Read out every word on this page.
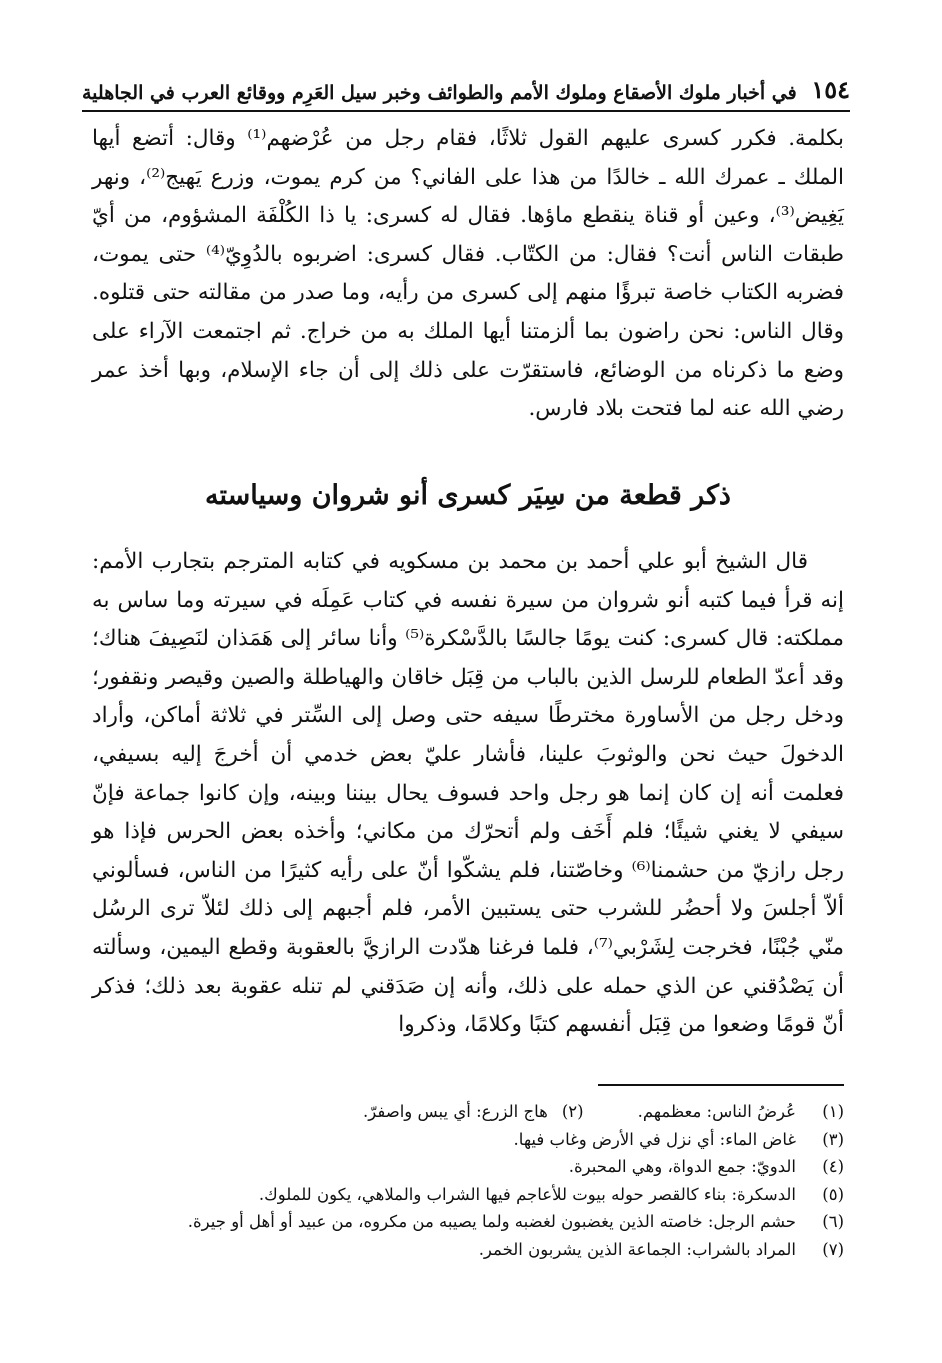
١٥٤
في أخبار ملوك الأصقاع وملوك الأمم والطوائف وخبر سيل العَرِم ووقائع العرب في الجاهلية

بكلمة. فكرر كسرى عليهم القول ثلاثًا، فقام رجل من عُرْضهم⁽¹⁾ وقال: أتضع أيها الملك ـ عمرك الله ـ خالدًا من هذا على الفاني؟ من كرم يموت، وزرع يَهيج⁽²⁾، ونهر يَغِيض⁽³⁾، وعين أو قناة ينقطع ماؤها. فقال له كسرى: يا ذا الكُلْفَة المشؤوم، من أيّ طبقات الناس أنت؟ فقال: من الكتّاب. فقال كسرى: اضربوه بالدُوِيّ⁽⁴⁾ حتى يموت، فضربه الكتاب خاصة تبرؤًا منهم إلى كسرى من رأيه، وما صدر من مقالته حتى قتلوه. وقال الناس: نحن راضون بما ألزمتنا أيها الملك به من خراج. ثم اجتمعت الآراء على وضع ما ذكرناه من الوضائع، فاستقرّت على ذلك إلى أن جاء الإسلام، وبها أخذ عمر رضي الله عنه لما فتحت بلاد فارس.

ذكر قطعة من سِيَر كسرى أنو شروان وسياسته

قال الشيخ أبو علي أحمد بن محمد بن مسكويه في كتابه المترجم بتجارب الأمم: إنه قرأ فيما كتبه أنو شروان من سيرة نفسه في كتاب عَمِلَه في سيرته وما ساس به مملكته: قال كسرى: كنت يومًا جالسًا بالدَّسْكرة⁽⁵⁾ وأنا سائر إلى هَمَذان لنَصِيفَ هناك؛ وقد أعدّ الطعام للرسل الذين بالباب من قِبَل خاقان والهياطلة والصين وقيصر ونقفور؛ ودخل رجل من الأساورة مخترطًا سيفه حتى وصل إلى السِّتر في ثلاثة أماكن، وأراد الدخولَ حيث نحن والوثوبَ علينا، فأشار عليّ بعض خدمي أن أخرجَ إليه بسيفي، فعلمت أنه إن كان إنما هو رجل واحد فسوف يحال بيننا وبينه، وإن كانوا جماعة فإنّ سيفي لا يغني شيئًا؛ فلم أَخَف ولم أتحرّك من مكاني؛ وأخذه بعض الحرس فإذا هو رجل رازيّ من حشمنا⁽⁶⁾ وخاصّتنا، فلم يشكّوا أنّ على رأيه كثيرًا من الناس، فسألوني ألاّ أجلسَ ولا أحضُر للشرب حتى يستبين الأمر، فلم أجبهم إلى ذلك لئلاّ ترى الرسُل منّي جُبْنًا، فخرجت لِشَرْبي⁽⁷⁾، فلما فرغنا هدّدت الرازيَّ بالعقوبة وقطع اليمين، وسألته أن يَصْدُقني عن الذي حمله على ذلك، وأنه إن صَدَقني لم تنله عقوبة بعد ذلك؛ فذكر أنّ قومًا وضعوا من قِبَل أنفسهم كتبًا وكلامًا، وذكروا

(١)
عُرضُ الناس: معظمهم.
(٢)
هاج الزرع: أي يبس واصفرّ.
(٣)
غاض الماء: أي نزل في الأرض وغاب فيها.
(٤)
الدويّ: جمع الدواة، وهي المحبرة.
(٥)
الدسكرة: بناء كالقصر حوله بيوت للأعاجم فيها الشراب والملاهي، يكون للملوك.
(٦)
حشم الرجل: خاصته الذين يغضبون لغضبه ولما يصيبه من مكروه، من عبيد أو أهل أو جيرة.
(٧)
المراد بالشراب: الجماعة الذين يشربون الخمر.
